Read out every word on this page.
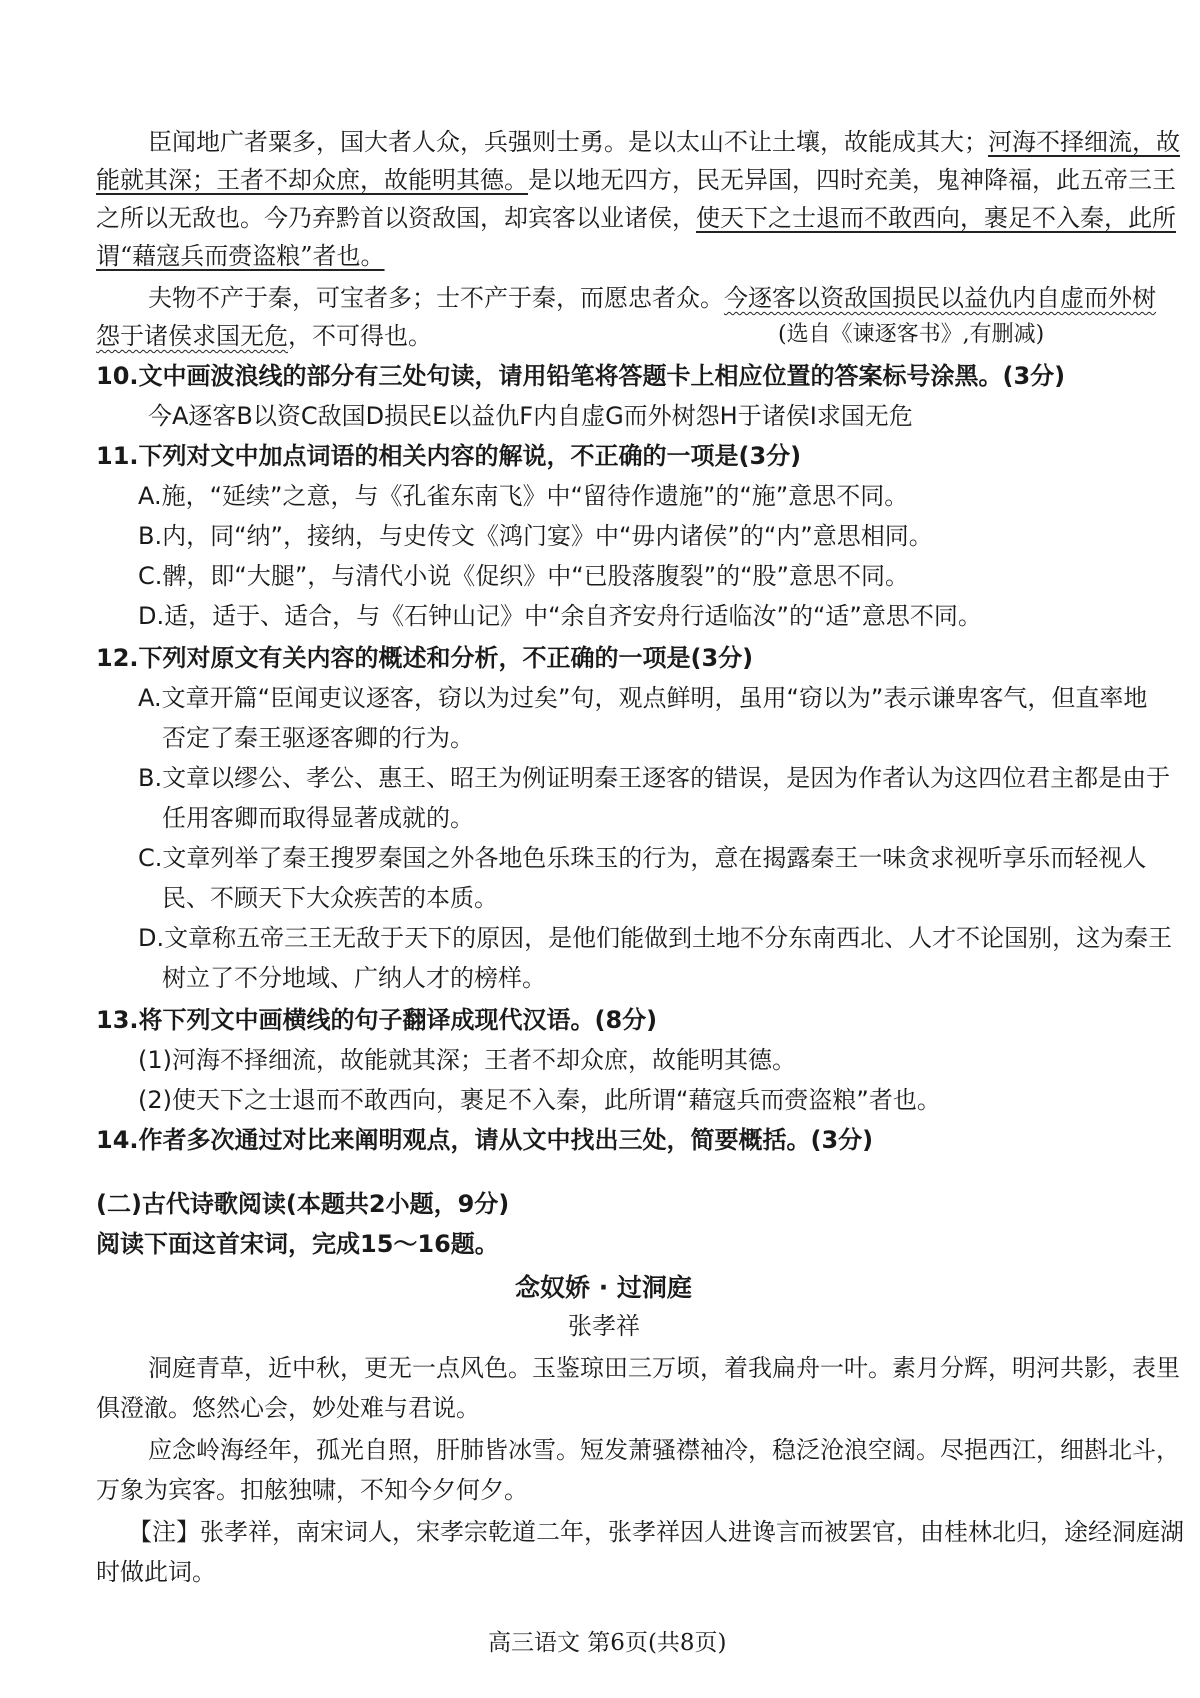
臣闻地广者粟多，国大者人众，兵强则士勇。是以太山不让土壤，故能成其大；河海不择细流，故
能就其深；王者不却众庶，故能明其德。是以地无四方，民无异国，四时充美，鬼神降福，此五帝三王
之所以无敌也。今乃弃黔首以资敌国，却宾客以业诸侯，使天下之士退而不敢西向，裹足不入秦，此所
谓“藉寇兵而赍盗粮”者也。
夫物不产于秦，可宝者多；士不产于秦，而愿忠者众。今逐客以资敌国损民以益仇内自虚而外树
怨于诸侯求国无危，不可得也。	(选自《谏逐客书》,有删减)
10.文中画波浪线的部分有三处句读，请用铅笔将答题卡上相应位置的答案标号涂黑。(3分)
今A逐客B以资C敌国D损民E以益仇F内自虚G而外树怨H于诸侯I求国无危
11.下列对文中加点词语的相关内容的解说，不正确的一项是(3分)
A.施，“延续”之意，与《孔雀东南飞》中“留待作遗施”的“施”意思不同。
B.内，同“纳”，接纳，与史传文《鸿门宴》中“毋内诸侯”的“内”意思相同。
C.髀，即“大腿”，与清代小说《促织》中“已股落腹裂”的“股”意思不同。
D.适，适于、适合，与《石钟山记》中“余自齐安舟行适临汝”的“适”意思不同。
12.下列对原文有关内容的概述和分析，不正确的一项是(3分)
A.文章开篇“臣闻吏议逐客，窃以为过矣”句，观点鲜明，虽用“窃以为”表示谦卑客气，但直率地
否定了秦王驱逐客卿的行为。
B.文章以缪公、孝公、惠王、昭王为例证明秦王逐客的错误，是因为作者认为这四位君主都是由于
任用客卿而取得显著成就的。
C.文章列举了秦王搜罗秦国之外各地色乐珠玉的行为，意在揭露秦王一味贪求视听享乐而轻视人
民、不顾天下大众疾苦的本质。
D.文章称五帝三王无敌于天下的原因，是他们能做到土地不分东南西北、人才不论国别，这为秦王
树立了不分地域、广纳人才的榜样。
13.将下列文中画横线的句子翻译成现代汉语。(8分)
(1)河海不择细流，故能就其深；王者不却众庶，故能明其德。
(2)使天下之士退而不敢西向，裹足不入秦，此所谓“藉寇兵而赍盗粮”者也。
14.作者多次通过对比来阐明观点，请从文中找出三处，简要概括。(3分)
(二)古代诗歌阅读(本题共2小题，9分)
阅读下面这首宋词，完成15～16题。
念奴娇 · 过洞庭
张孝祥
洞庭青草，近中秋，更无一点风色。玉鉴琼田三万顷，着我扁舟一叶。素月分辉，明河共影，表里
俱澄澈。悠然心会，妙处难与君说。
应念岭海经年，孤光自照，肝肺皆冰雪。短发萧骚襟袖冷，稳泛沧浪空阔。尽挹西江，细斟北斗，
万象为宾客。扣舷独啸，不知今夕何夕。
【注】张孝祥，南宋词人，宋孝宗乾道二年，张孝祥因人进谗言而被罢官，由桂林北归，途经洞庭湖
时做此词。
高三语文 第6页(共8页)
